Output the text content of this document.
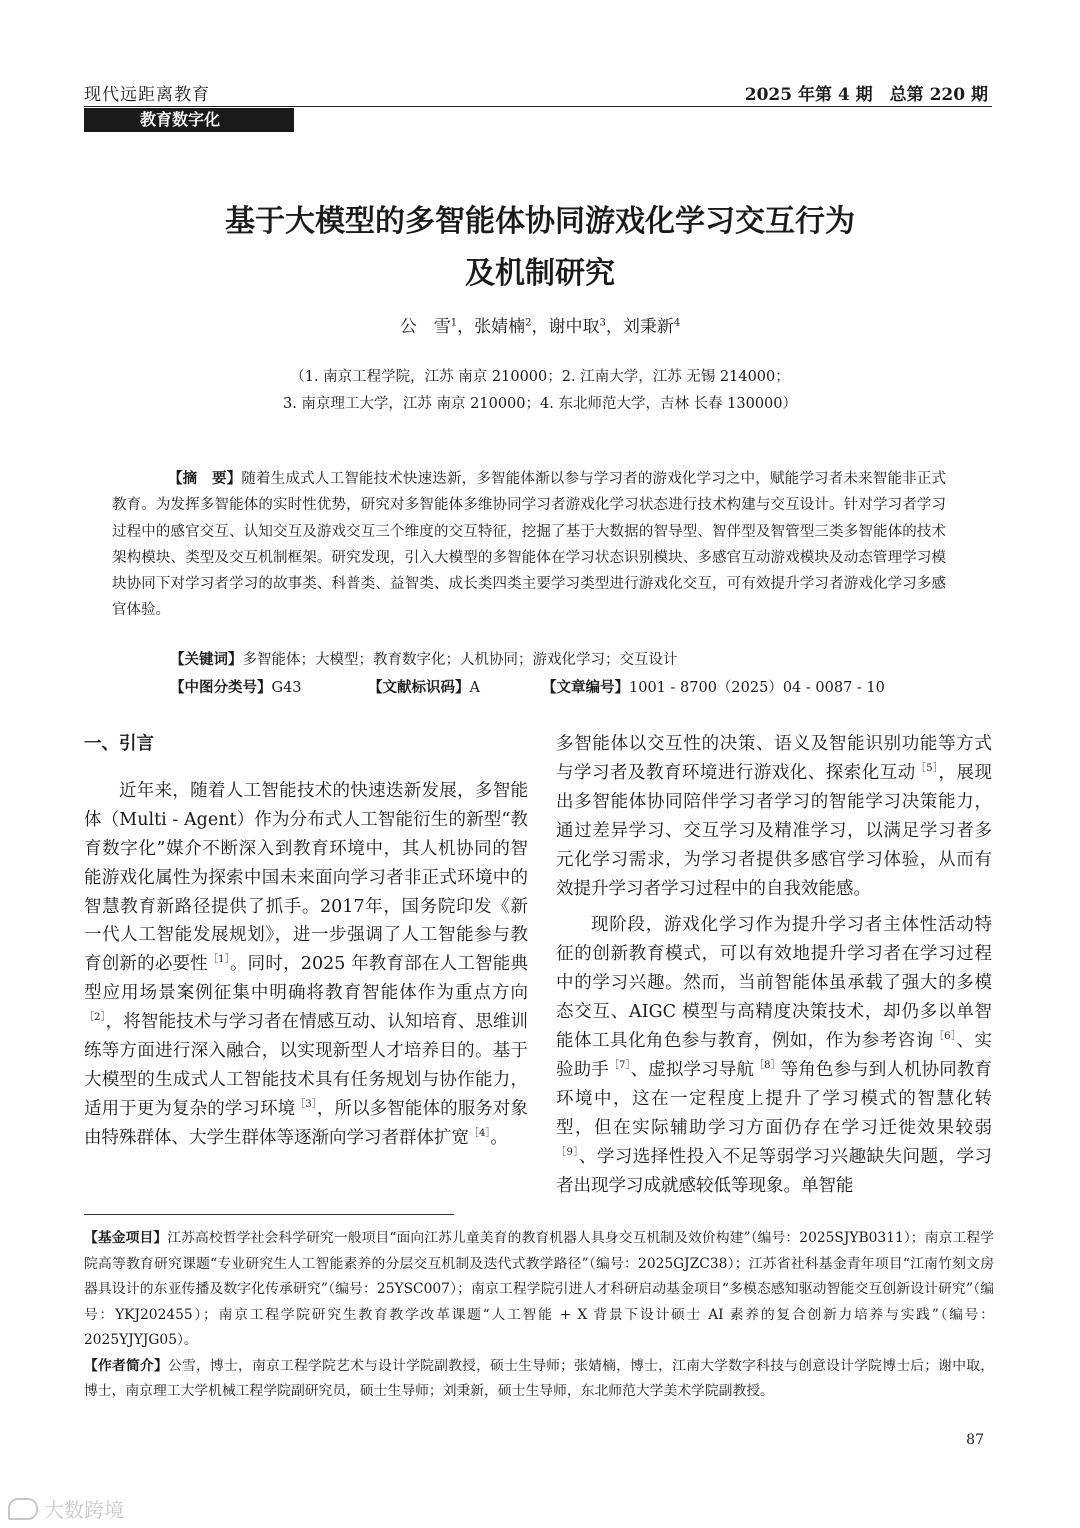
现代远距离教育	2025 年第 4 期　总第 220 期
教育数字化
基于大模型的多智能体协同游戏化学习交互行为
及机制研究
公　雪$^1$，张婧楠$^2$，谢中取$^3$，刘秉新$^4$
（1. 南京工程学院，江苏 南京 210000；2. 江南大学，江苏 无锡 214000；
3. 南京理工大学，江苏 南京 210000；4. 东北师范大学，吉林 长春 130000）
【摘　要】随着生成式人工智能技术快速迭新，多智能体渐以参与学习者的游戏化学习之中，赋能学习者未来智能非正式教育。为发挥多智能体的实时性优势，研究对多智能体多维协同学习者游戏化学习状态进行技术构建与交互设计。针对学习者学习过程中的感官交互、认知交互及游戏交互三个维度的交互特征，挖掘了基于大数据的智导型、智伴型及智管型三类多智能体的技术架构模块、类型及交互机制框架。研究发现，引入大模型的多智能体在学习状态识别模块、多感官互动游戏模块及动态管理学习模块协同下对学习者学习的故事类、科普类、益智类、成长类四类主要学习类型进行游戏化交互，可有效提升学习者游戏化学习多感官体验。
【关键词】多智能体；大模型；教育数字化；人机协同；游戏化学习；交互设计
【中图分类号】G43	【文献标识码】A	【文章编号】1001 - 8700（2025）04 - 0087 - 10

一、引言

近年来，随着人工智能技术的快速迭新发展，多智能体（Multi - Agent）作为分布式人工智能衍生的新型“教育数字化”媒介不断深入到教育环境中，其人机协同的智能游戏化属性为探索中国未来面向学习者非正式环境中的智慧教育新路径提供了抓手。2017年，国务院印发《新一代人工智能发展规划》，进一步强调了人工智能参与教育创新的必要性$^{[1]}$。同时，2025 年教育部在人工智能典型应用场景案例征集中明确将教育智能体作为重点方向$^{[2]}$，将智能技术与学习者在情感互动、认知培育、思维训练等方面进行深入融合，以实现新型人才培养目的。基于大模型的生成式人工智能技术具有任务规划与协作能力，适用于更为复杂的学习环境$^{[3]}$，所以多智能体的服务对象由特殊群体、大学生群体等逐渐向学习者群体扩宽$^{[4]}$。

多智能体以交互性的决策、语义及智能识别功能等方式与学习者及教育环境进行游戏化、探索化互动$^{[5]}$，展现出多智能体协同陪伴学习者学习的智能学习决策能力，通过差异学习、交互学习及精准学习，以满足学习者多元化学习需求，为学习者提供多感官学习体验，从而有效提升学习者学习过程中的自我效能感。

现阶段，游戏化学习作为提升学习者主体性活动特征的创新教育模式，可以有效地提升学习者在学习过程中的学习兴趣。然而，当前智能体虽承载了强大的多模态交互、AIGC 模型与高精度决策技术，却仍多以单智能体工具化角色参与教育，例如，作为参考咨询$^{[6]}$、实验助手$^{[7]}$、虚拟学习导航$^{[8]}$等角色参与到人机协同教育环境中，这在一定程度上提升了学习模式的智慧化转型，但在实际辅助学习方面仍存在学习迁徙效果较弱$^{[9]}$、学习选择性投入不足等弱学习兴趣缺失问题，学习者出现学习成就感较低等现象。单智能

【基金项目】江苏高校哲学社会科学研究一般项目“面向江苏儿童美育的教育机器人具身交互机制及效价构建”（编号：2025SJYB0311）；南京工程学院高等教育研究课题“专业研究生人工智能素养的分层交互机制及迭代式教学路径”（编号：2025GJZC38）；江苏省社科基金青年项目“江南竹刻文房器具设计的东亚传播及数字化传承研究”（编号：25YSC007）；南京工程学院引进人才科研启动基金项目“多模态感知驱动智能交互创新设计研究”（编号：YKJ202455）；南京工程学院研究生教育教学改革课题“人工智能 + X 背景下设计硕士 AI 素养的复合创新力培养与实践”（编号：2025YJYJG05）。

【作者简介】公雪，博士，南京工程学院艺术与设计学院副教授，硕士生导师；张婧楠，博士，江南大学数字科技与创意设计学院博士后；谢中取，博士，南京理工大学机械工程学院副研究员，硕士生导师；刘秉新，硕士生导师，东北师范大学美术学院副教授。

87
大数跨境
